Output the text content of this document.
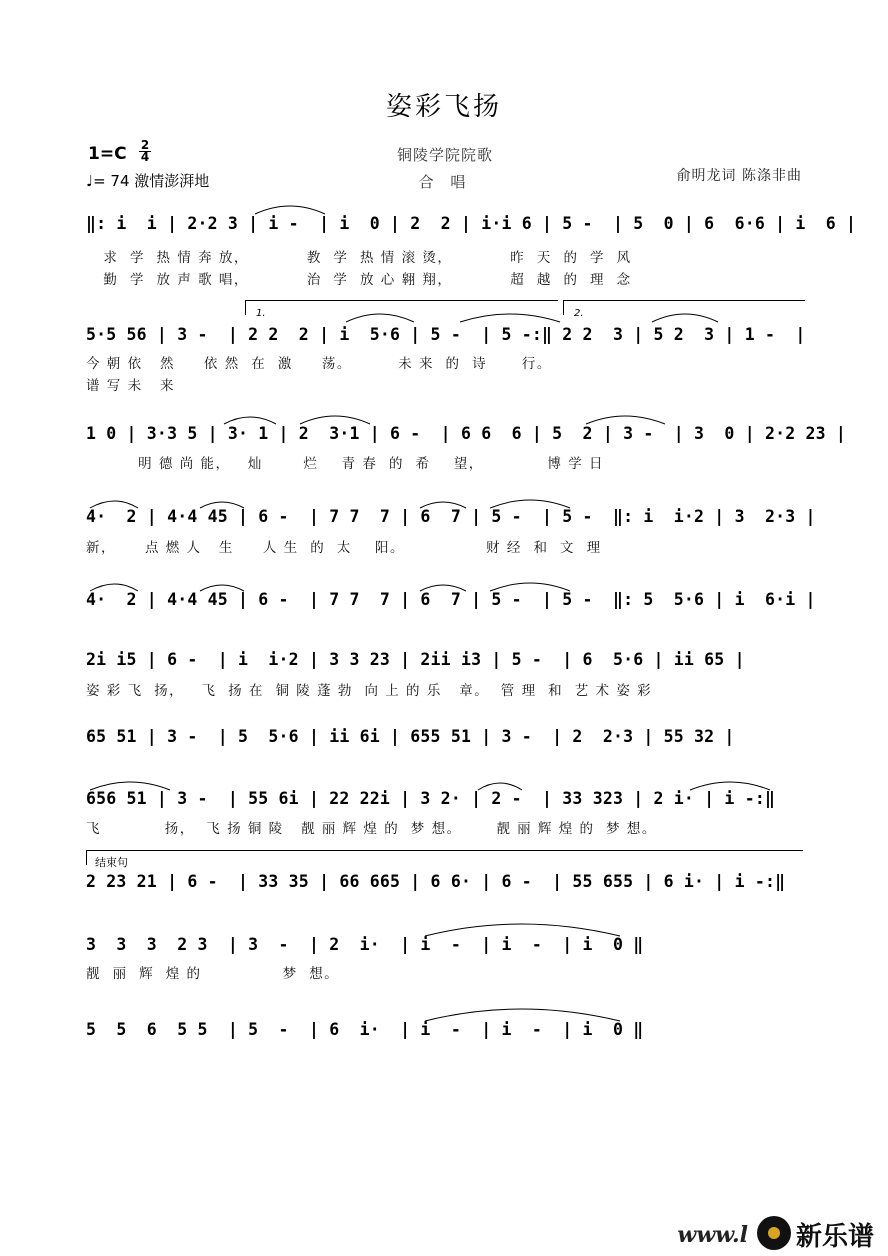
姿彩飞扬
1=C 2
4
♩= 74 激情澎湃地
铜陵学院院歌
合 唱	俞明龙词 陈涤非曲
‖: i  i | 2·2 3 | i -  | i  0 | 2  2 | i·i 6 | 5 -  | 5  0 | 6  6·6 | i  6 |
求  学  热 情 奔 放，          教  学  热 情 滚 烫，          昨  天  的  学  风
勤  学  放 声 歌 唱，          治  学  放 心 翱 翔，          超  越  的  理  念
1.	2.
5·5 56 | 3 -  | 2 2  2 | i  5·6 | 5 -  | 5 -:‖ 2 2  3 | 5 2  3 | 1 -  |
今 朝 依   然     依 然  在  激     荡。        未 来  的  诗      行。
谱 写 未   来
1 0 | 3·3 5 | 3· 1 | 2  3·1 | 6 -  | 6 6  6 | 5  2 | 3 -  | 3  0 | 2·2 23 |
明 德 尚 能，   灿       烂    青 春  的  希    望，           博 学 日
4·  2 | 4·4 45 | 6 -  | 7 7  7 | 6  7 | 5 -  | 5 -  ‖: i  i·2 | 3  2·3 |
新，     点 燃 人   生     人 生  的  太    阳。              财 经  和  文  理
4·  2 | 4·4 45 | 6 -  | 7 7  7 | 6  7 | 5 -  | 5 -  ‖: 5  5·6 | i  6·i |
2i i5 | 6 -  | i  i·2 | 3 3 23 | 2ii i3 | 5 -  | 6  5·6 | ii 65 |
姿 彩 飞  扬，   飞  扬 在  铜 陵 蓬 勃  向 上 的 乐   章。  管 理  和  艺 术 姿 彩
65 51 | 3 -  | 5  5·6 | ii 6i | 655 51 | 3 -  | 2  2·3 | 55 32 |
656 51 | 3 -  | 55 6i | 22 22i | 3 2· | 2 -  | 33 323 | 2 i· | i -:‖
飞           扬，  飞 扬 铜 陵   靓 丽 辉 煌 的  梦 想。      靓 丽 辉 煌 的  梦 想。
结束句
2 23 21 | 6 -  | 33 35 | 66 665 | 6 6· | 6 -  | 55 655 | 6 i· | i -:‖
3  3  3  2 3  | 3  -  | 2  i·  | i  -  | i  -  | i  0 ‖
靓  丽  辉  煌 的              梦  想。
5  5  6  5 5  | 5  -  | 6  i·  | i  -  | i  -  | i  0 ‖
www.l 新乐谱
